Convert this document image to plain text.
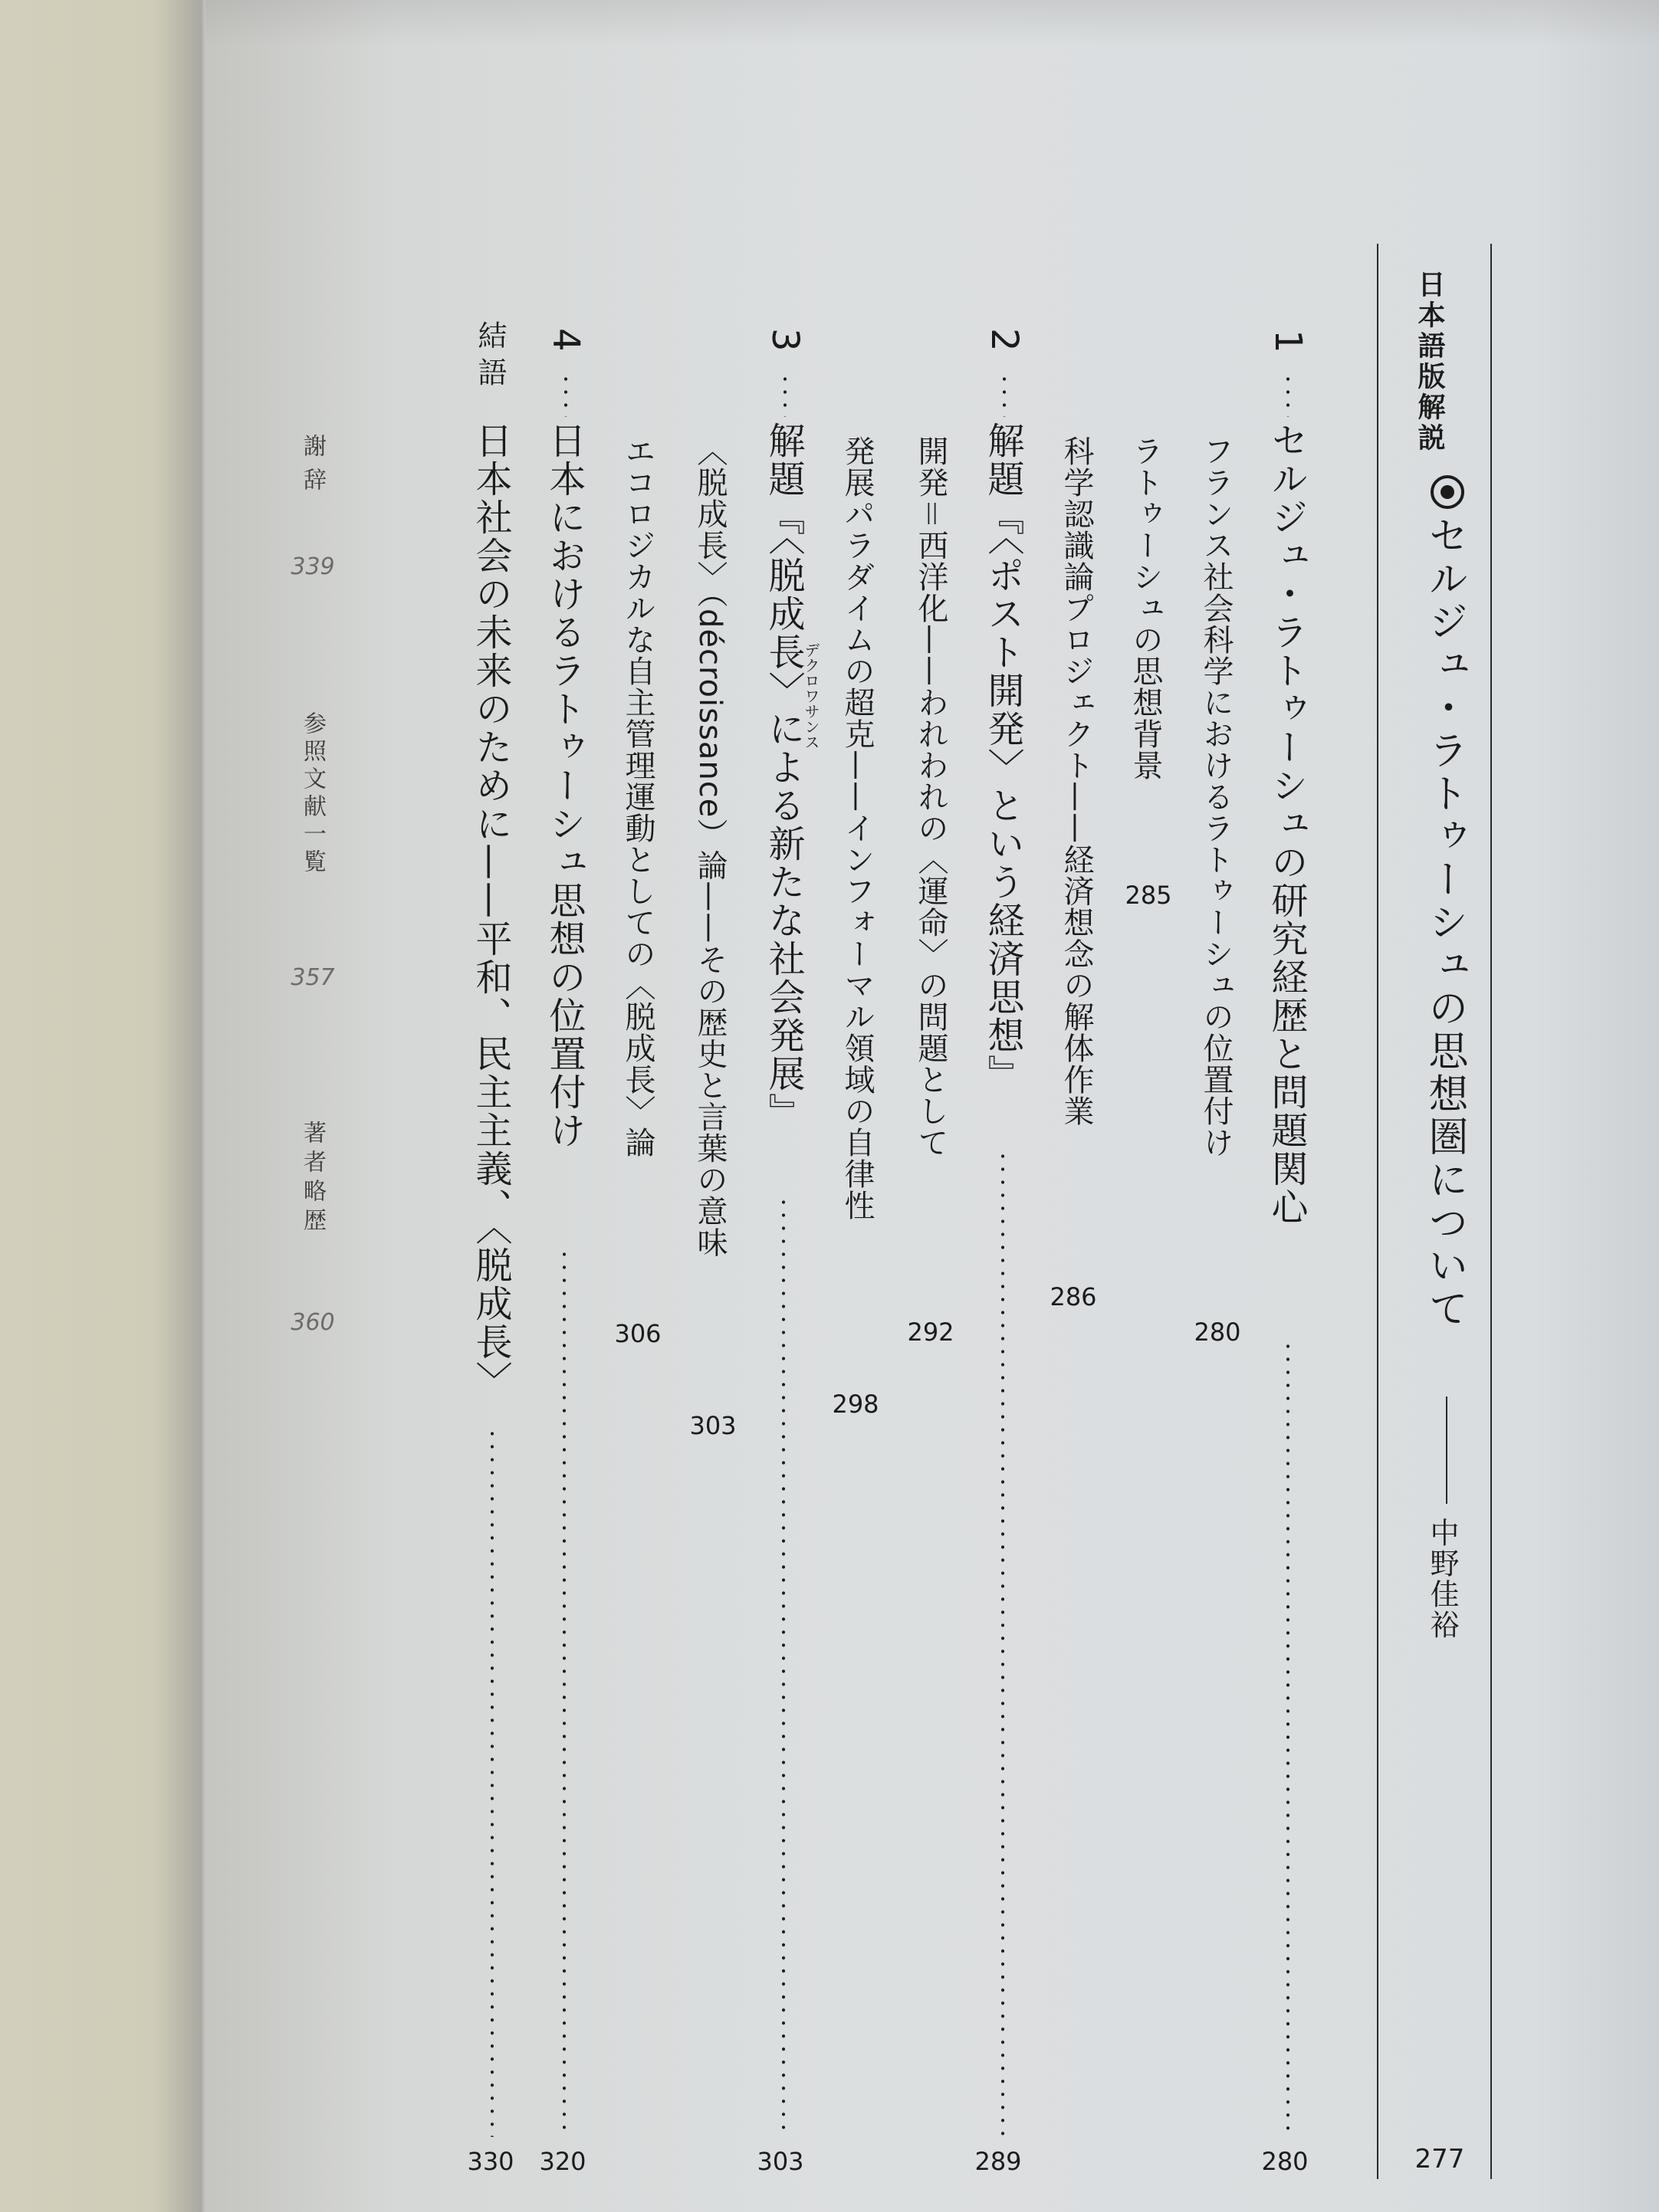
日本語版解説
セルジュ・ラトゥーシュの思想圏について
中野佳裕
277
1
セルジュ・ラトゥーシュの研究経歴と問題関心
280
フランス社会科学におけるラトゥーシュの位置付け
280
ラトゥーシュの思想背景
285
科学認識論プロジェクト——経済想念の解体作業
286
2
解題『〈ポスト開発〉という経済思想』
289
開発＝西洋化——われわれの〈運命〉の問題として
292
発展パラダイムの超克——インフォーマル領域の自律性
298
3
解題『〈脱成長〉による新たな社会発展』
デクロワサンス
303
〈脱成長〉（décroissance）論——その歴史と言葉の意味
303
エコロジカルな自主管理運動としての〈脱成長〉論
306
4
日本におけるラトゥーシュ思想の位置付け
320
結語
日本社会の未来のために——平和、民主主義、〈脱成長〉
330
謝辞
339
参照文献一覧
357
著者略歴
360
